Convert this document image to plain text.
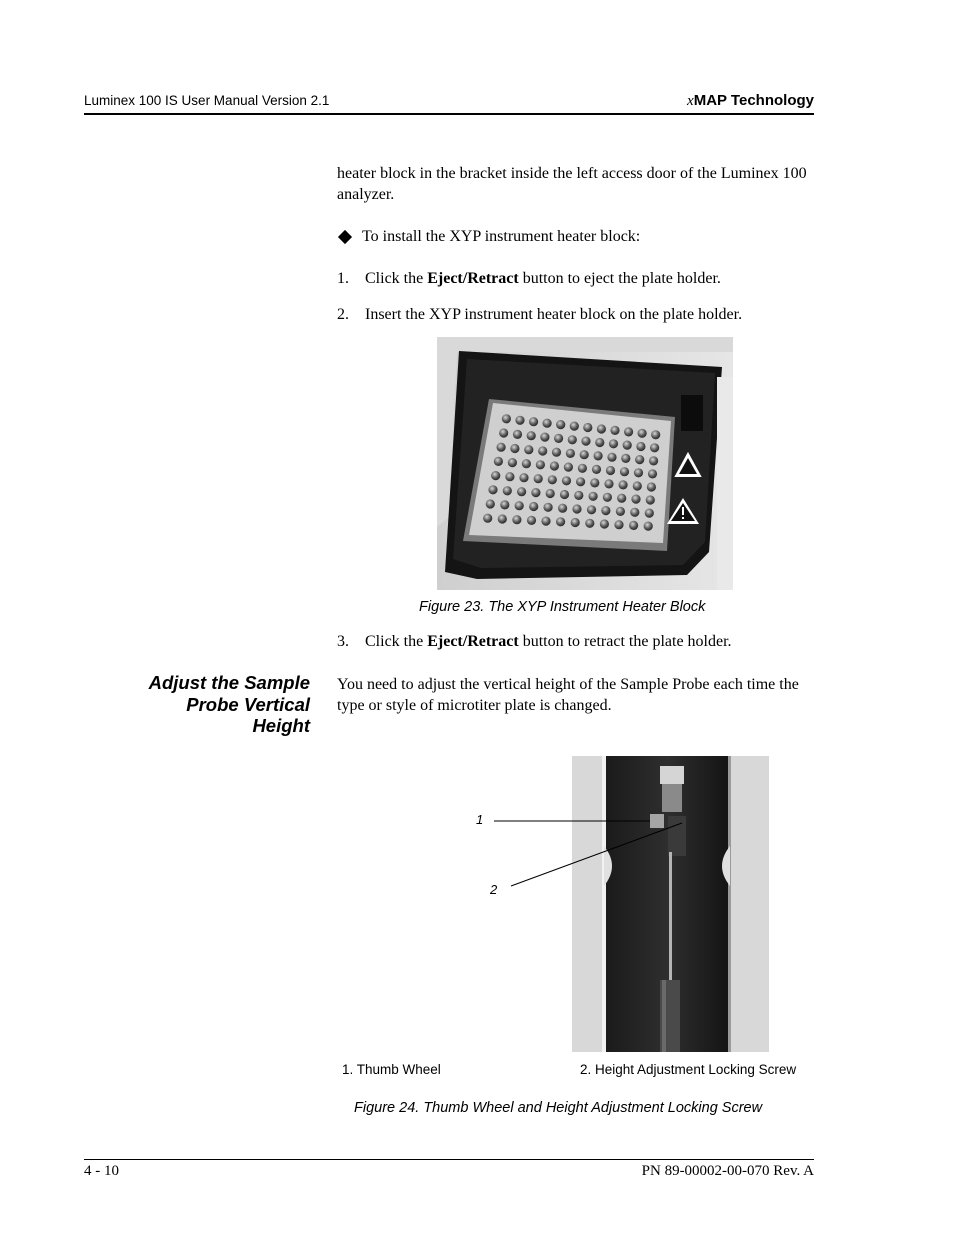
Luminex 100 IS User Manual Version 2.1	xMAP Technology
heater block in the bracket inside the left access door of the Luminex 100 analyzer.
To install the XYP instrument heater block:
1. Click the Eject/Retract button to eject the plate holder.
2. Insert the XYP instrument heater block on the plate holder.
Figure 23. The XYP Instrument Heater Block
3. Click the Eject/Retract button to retract the plate holder.
Adjust the Sample
Probe Vertical
Height
You need to adjust the vertical height of the Sample Probe each time the type or style of microtiter plate is changed.
1
2
1. Thumb Wheel	2. Height Adjustment Locking Screw
Figure 24. Thumb Wheel and Height Adjustment Locking Screw
4 - 10	PN 89-00002-00-070 Rev. A
